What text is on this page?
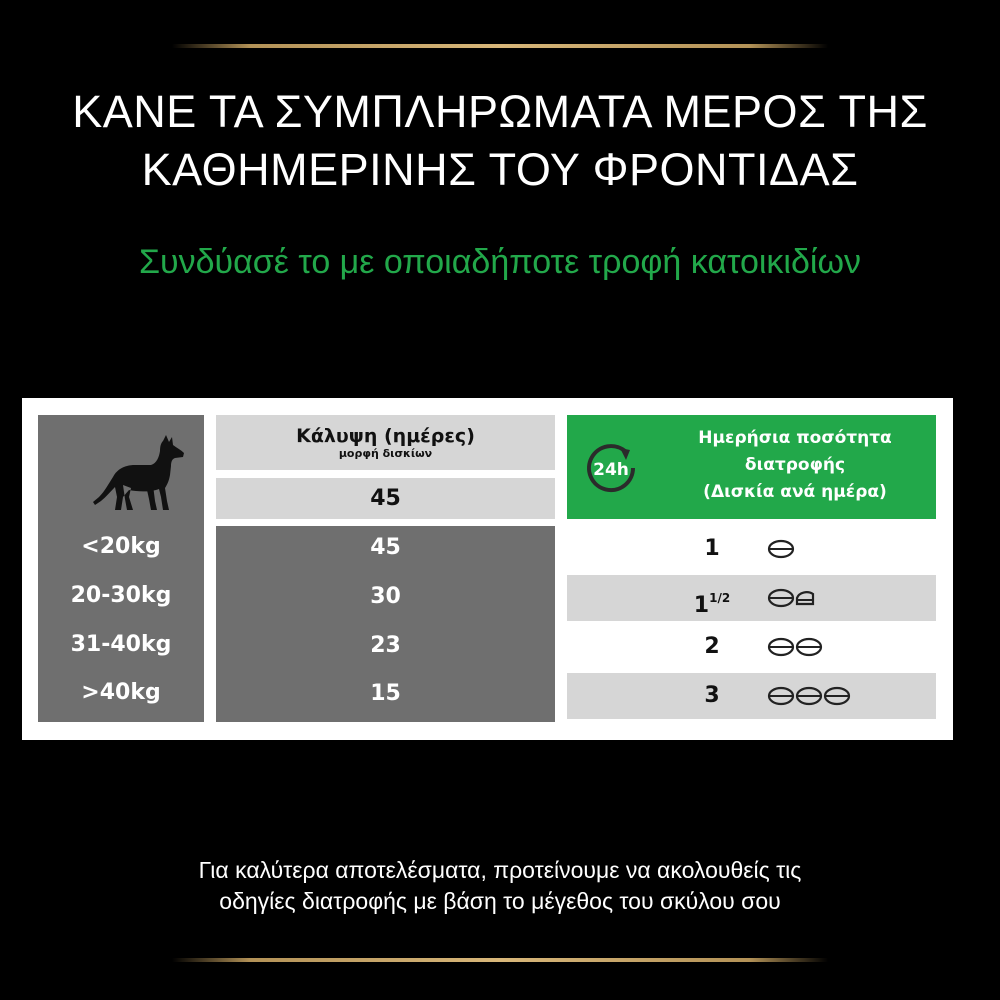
ΚΑΝΕ ΤΑ ΣΥΜΠΛΗΡΩΜΑΤΑ ΜΕΡΟΣ ΤΗΣ
ΚΑΘΗΜΕΡΙΝΗΣ ΤΟΥ ΦΡΟΝΤΙΔΑΣ
Συνδύασέ το με οποιαδήποτε τροφή κατοικιδίων
<20kg
20-30kg
31-40kg
>40kg
Κάλυψη (ημέρες)
μορφή δισκίων
45
45
30
23
15
24h
Ημερήσια ποσότητα
διατροφής
(Δισκία ανά ημέρα)
1
$1^{1/2}$
2
3
Για καλύτερα αποτελέσματα, προτείνουμε να ακολουθείς τις
οδηγίες διατροφής με βάση το μέγεθος του σκύλου σου
